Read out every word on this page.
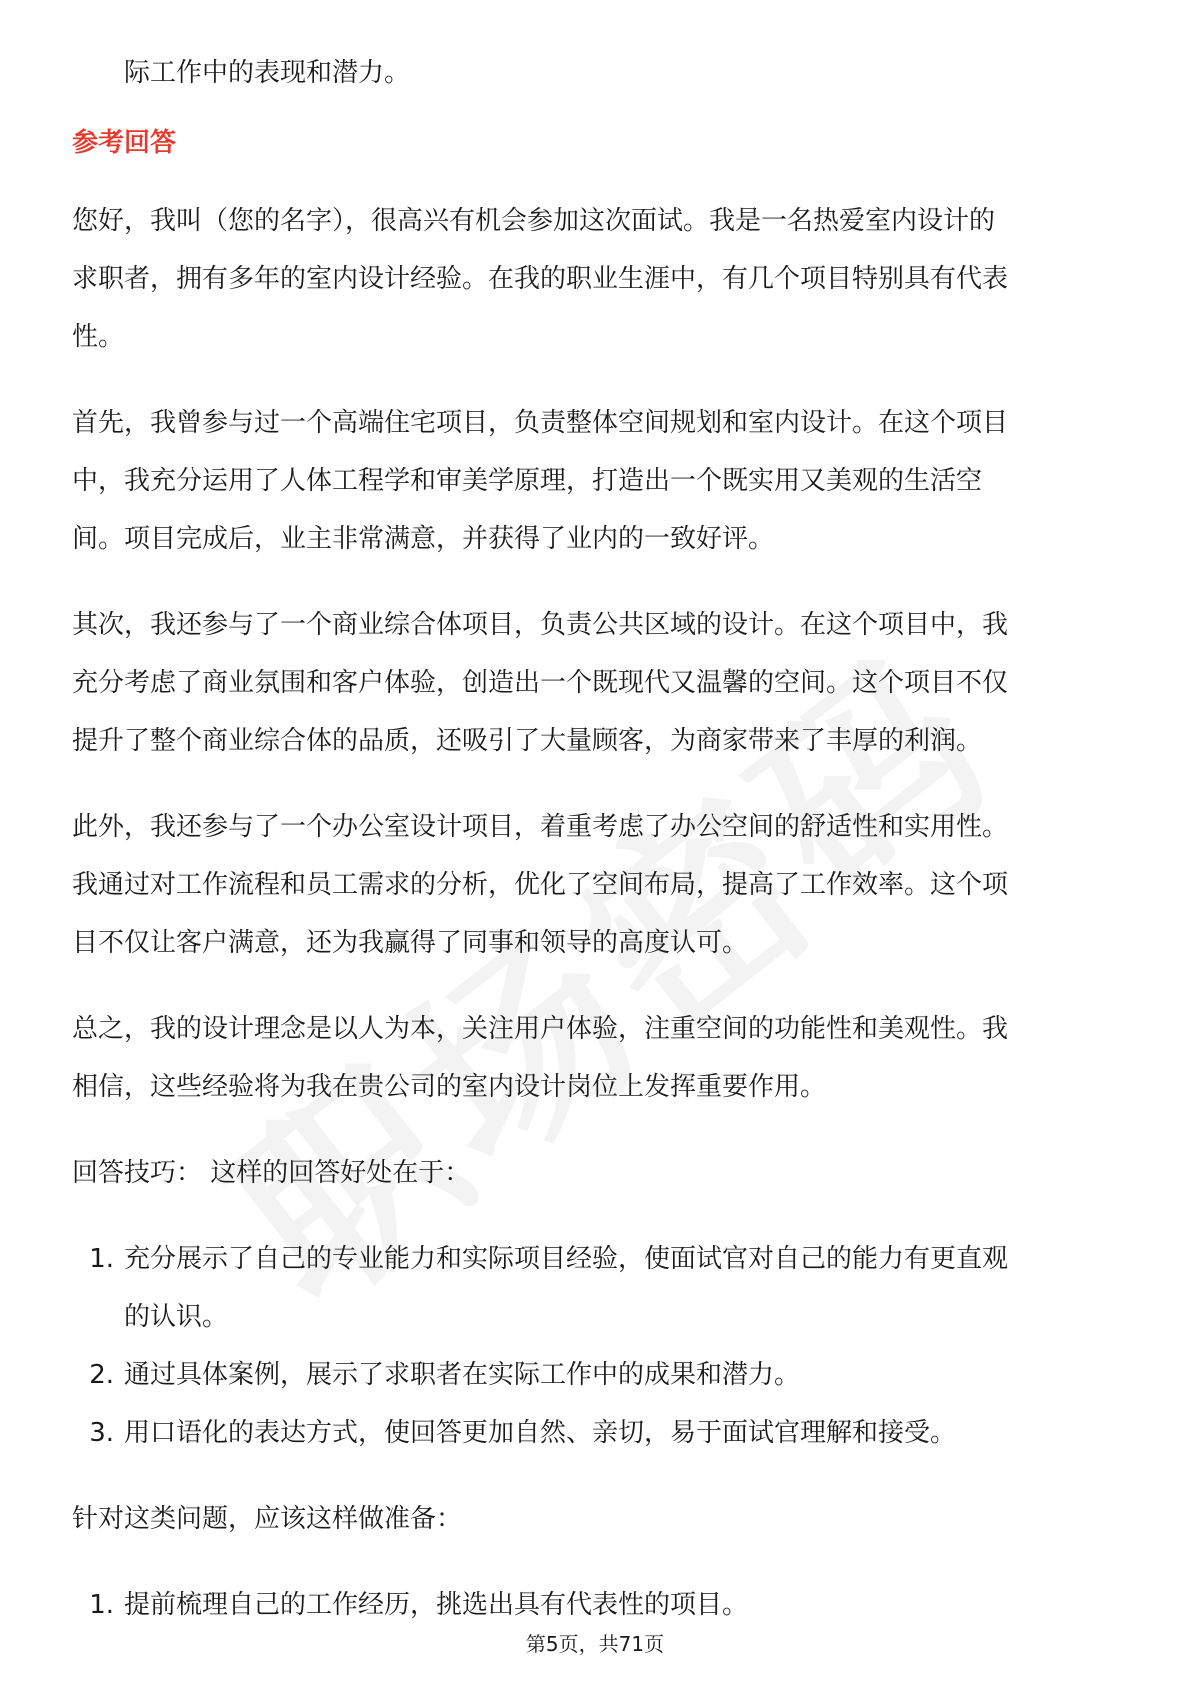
际工作中的表现和潜力。
参考回答
您好，我叫（您的名字），很高兴有机会参加这次面试。我是一名热爱室内设计的
求职者，拥有多年的室内设计经验。在我的职业生涯中，有几个项目特别具有代表
性。
首先，我曾参与过一个高端住宅项目，负责整体空间规划和室内设计。在这个项目
中，我充分运用了人体工程学和审美学原理，打造出一个既实用又美观的生活空
间。项目完成后，业主非常满意，并获得了业内的一致好评。
其次，我还参与了一个商业综合体项目，负责公共区域的设计。在这个项目中，我
充分考虑了商业氛围和客户体验，创造出一个既现代又温馨的空间。这个项目不仅
提升了整个商业综合体的品质，还吸引了大量顾客，为商家带来了丰厚的利润。
此外，我还参与了一个办公室设计项目，着重考虑了办公空间的舒适性和实用性。
我通过对工作流程和员工需求的分析，优化了空间布局，提高了工作效率。这个项
目不仅让客户满意，还为我赢得了同事和领导的高度认可。
总之，我的设计理念是以人为本，关注用户体验，注重空间的功能性和美观性。我
相信，这些经验将为我在贵公司的室内设计岗位上发挥重要作用。
回答技巧： 这样的回答好处在于：
1. 充分展示了自己的专业能力和实际项目经验，使面试官对自己的能力有更直观
的认识。
2. 通过具体案例，展示了求职者在实际工作中的成果和潜力。
3. 用口语化的表达方式，使回答更加自然、亲切，易于面试官理解和接受。
针对这类问题，应该这样做准备：
1. 提前梳理自己的工作经历，挑选出具有代表性的项目。
第5页，共71页
